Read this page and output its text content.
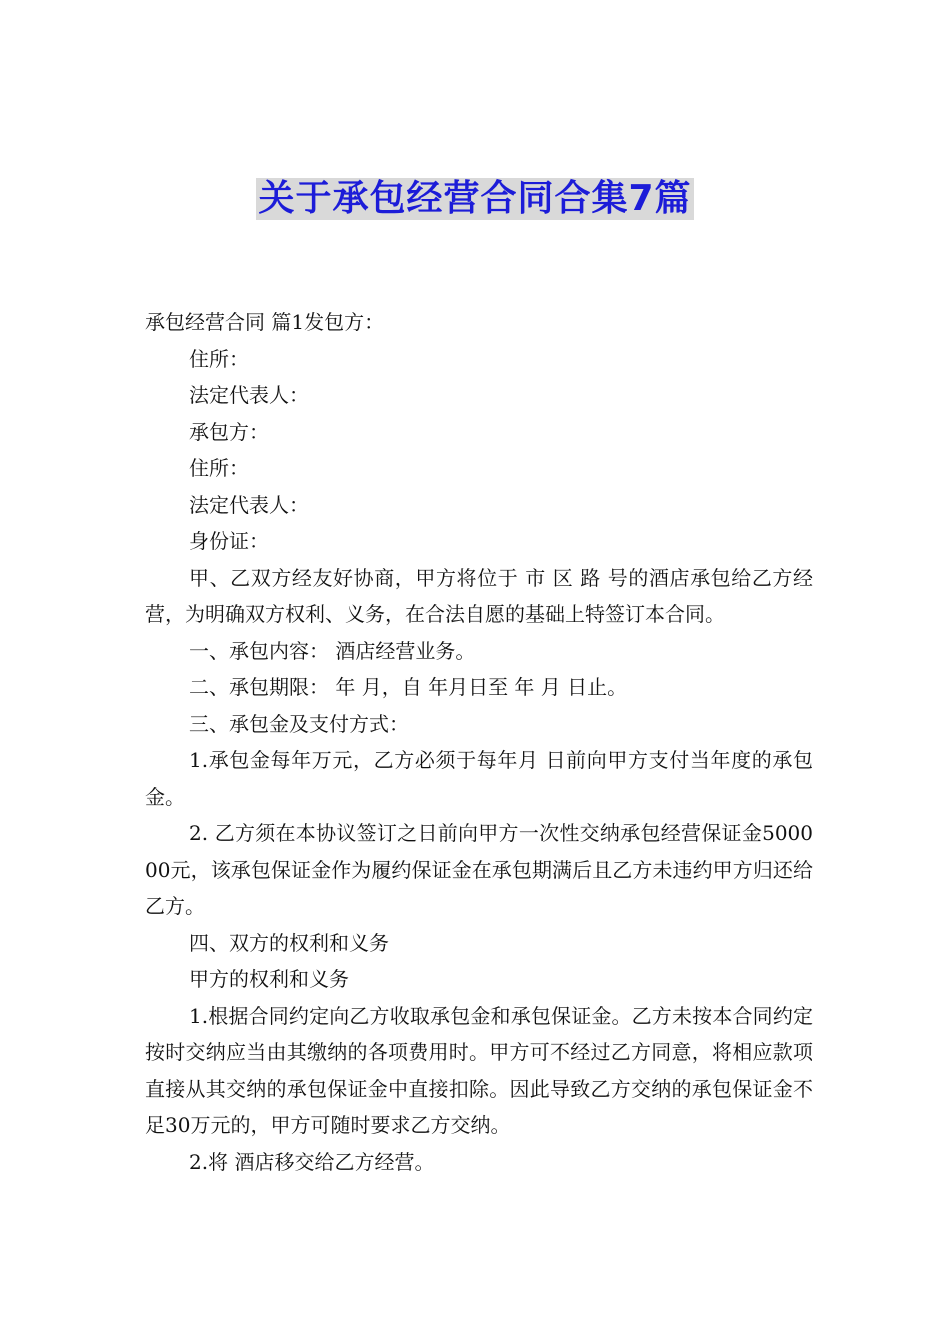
关于承包经营合同合集7篇

承包经营合同 篇1发包方：

住所：

法定代表人：

承包方：

住所：

法定代表人：

身份证：

甲、乙双方经友好协商，甲方将位于 市 区 路 号的酒店承包给乙方经营，为明确双方权利、义务，在合法自愿的基础上特签订本合同。

一、承包内容： 酒店经营业务。

二、承包期限： 年 月，自 年月日至 年 月 日止。

三、承包金及支付方式：

1.承包金每年万元，乙方必须于每年月 日前向甲方支付当年度的承包金。

2. 乙方须在本协议签订之日前向甲方一次性交纳承包经营保证金500000元，该承包保证金作为履约保证金在承包期满后且乙方未违约甲方归还给乙方。

四、双方的权利和义务

甲方的权利和义务

1.根据合同约定向乙方收取承包金和承包保证金。乙方未按本合同约定按时交纳应当由其缴纳的各项费用时。甲方可不经过乙方同意，将相应款项直接从其交纳的承包保证金中直接扣除。因此导致乙方交纳的承包保证金不足30万元的，甲方可随时要求乙方交纳。

2.将 酒店移交给乙方经营。
